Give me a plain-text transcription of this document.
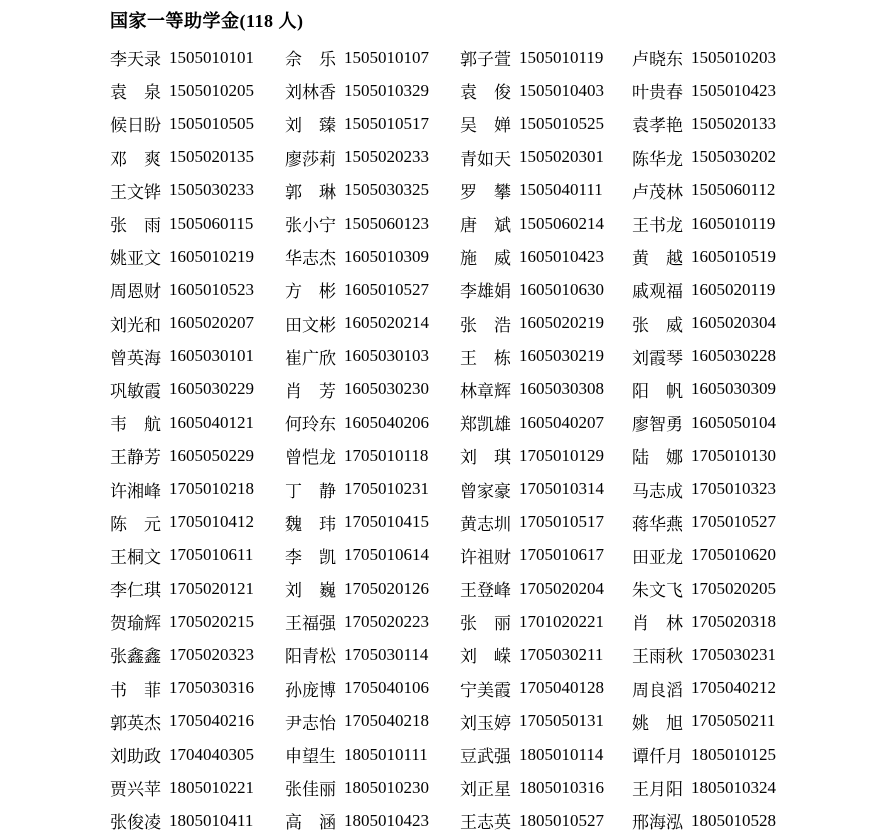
国家一等助学金(118 人)
李天录 1505010101 佘　乐 1505010107 郭子萱 1505010119 卢晓东 1505010203
袁　泉 1505010205 刘林香 1505010329 袁　俊 1505010403 叶贵春 1505010423
候日盼 1505010505 刘　臻 1505010517 吴　婵 1505010525 袁孝艳 1505020133
邓　爽 1505020135 廖莎莉 1505020233 青如天 1505020301 陈华龙 1505030202
王文铧 1505030233 郭　琳 1505030325 罗　攀 1505040111 卢茂林 1505060112
张　雨 1505060115 张小宁 1505060123 唐　斌 1505060214 王书龙 1605010119
姚亚文 1605010219 华志杰 1605010309 施　威 1605010423 黄　越 1605010519
周恩财 1605010523 方　彬 1605010527 李雄娟 1605010630 戚观福 1605020119
刘光和 1605020207 田文彬 1605020214 张　浩 1605020219 张　威 1605020304
曾英海 1605030101 崔广欣 1605030103 王　栋 1605030219 刘霞琴 1605030228
巩敏霞 1605030229 肖　芳 1605030230 林章辉 1605030308 阳　帆 1605030309
韦　航 1605040121 何玲东 1605040206 郑凯雄 1605040207 廖智勇 1605050104
王静芳 1605050229 曾恺龙 1705010118 刘　琪 1705010129 陆　娜 1705010130
许湘峰 1705010218 丁　静 1705010231 曾家豪 1705010314 马志成 1705010323
陈　元 1705010412 魏　玮 1705010415 黄志圳 1705010517 蒋华燕 1705010527
王桐文 1705010611 李　凯 1705010614 许祖财 1705010617 田亚龙 1705010620
李仁琪 1705020121 刘　巍 1705020126 王登峰 1705020204 朱文飞 1705020205
贺瑜辉 1705020215 王福强 1705020223 张　丽 1701020221 肖　林 1705020318
张鑫鑫 1705020323 阳青松 1705030114 刘　嵘 1705030211 王雨秋 1705030231
书　菲 1705030316 孙庞博 1705040106 宁美霞 1705040128 周良滔 1705040212
郭英杰 1705040216 尹志怡 1705040218 刘玉婷 1705050131 姚　旭 1705050211
刘助政 1704040305 申望生 1805010111 豆武强 1805010114 谭仟月 1805010125
贾兴苹 1805010221 张佳丽 1805010230 刘正星 1805010316 王月阳 1805010324
张俊凌 1805010411 高　涵 1805010423 王志英 1805010527 邢海泓 1805010528
